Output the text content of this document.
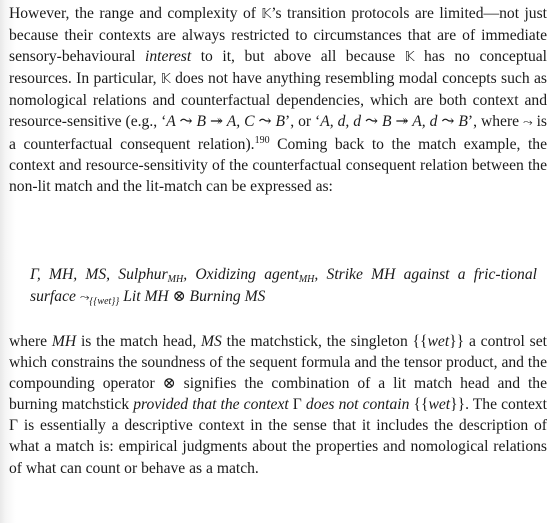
However, the range and complexity of 𝕂’s transition protocols are limited—not just because their contexts are always restricted to circumstances that are of immediate sensory-behavioural interest to it, but above all because 𝕂 has no conceptual resources. In particular, 𝕂 does not have anything resembling modal concepts such as nomological relations and counterfactual dependencies, which are both context and resource-sensitive (e.g., ‘A ⤳ B ↠ A, C ⤳ B’, or ‘A, d, d ⤳ B ↠ A, d ⤳ B’, where ⤳ is a counterfactual consequent relation).$^{190}$ Coming back to the match example, the context and resource-sensitivity of the counterfactual consequent relation between the non-lit match and the lit-match can be expressed as:

Γ, MH, MS, Sulphur$_{MH}$, Oxidizing agent$_{MH}$, Strike MH against a fric-tional surface $⤳_{\{\{wet\}\}}$ Lit MH ⊗ Burning MS

where MH is the match head, MS the matchstick, the singleton {{wet}} a control set which constrains the soundness of the sequent formula and the tensor product, and the compounding operator ⊗ signifies the combination of a lit match head and the burning matchstick provided that the context Γ does not contain {{wet}}. The context Γ is essentially a descriptive context in the sense that it includes the description of what a match is: empirical judgments about the properties and nomological relations of what can count or behave as a match.
